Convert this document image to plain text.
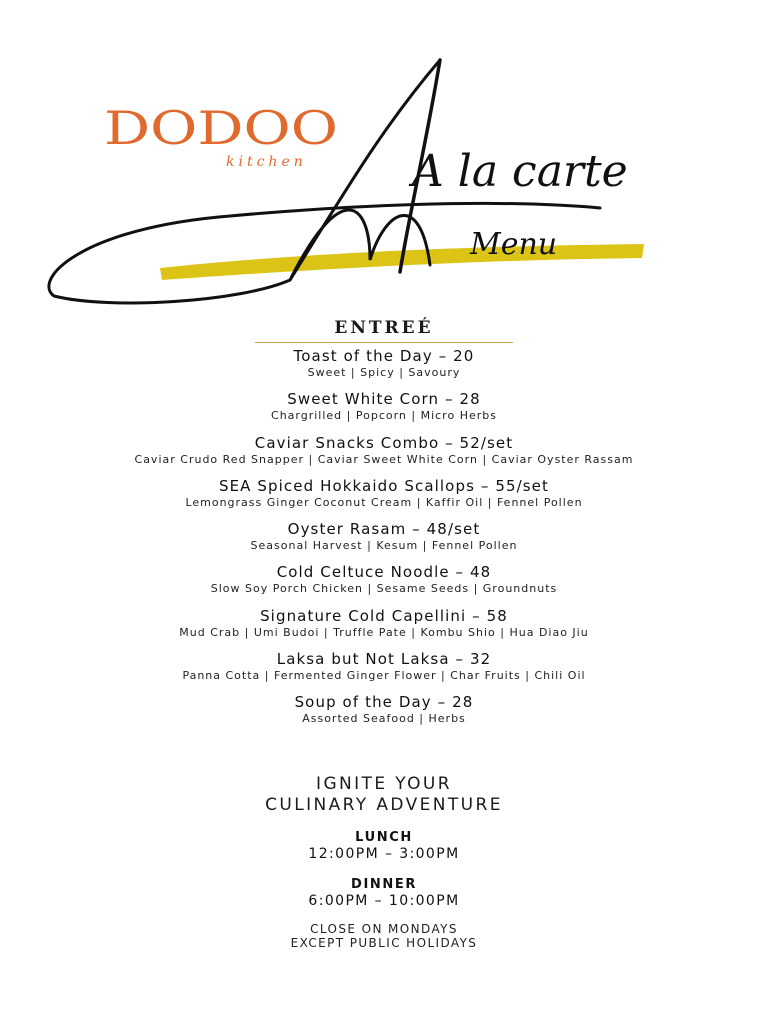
DODOO
kitchen A la carte
Menu
ENTREÉ
Toast of the Day – 20
Sweet | Spicy | Savoury
Sweet White Corn – 28
Chargrilled | Popcorn | Micro Herbs
Caviar Snacks Combo – 52/set
Caviar Crudo Red Snapper | Caviar Sweet White Corn | Caviar Oyster Rassam
SEA Spiced Hokkaido Scallops – 55/set
Lemongrass Ginger Coconut Cream | Kaffir Oil | Fennel Pollen
Oyster Rasam – 48/set
Seasonal Harvest | Kesum | Fennel Pollen
Cold Celtuce Noodle – 48
Slow Soy Porch Chicken | Sesame Seeds | Groundnuts
Signature Cold Capellini – 58
Mud Crab | Umi Budoi | Truffle Pate | Kombu Shio | Hua Diao Jiu
Laksa but Not Laksa – 32
Panna Cotta | Fermented Ginger Flower | Char Fruits | Chili Oil
Soup of the Day – 28
Assorted Seafood | Herbs
IGNITE YOUR
CULINARY ADVENTURE
LUNCH
12:00PM – 3:00PM
DINNER
6:00PM – 10:00PM
CLOSE ON MONDAYS
EXCEPT PUBLIC HOLIDAYS
